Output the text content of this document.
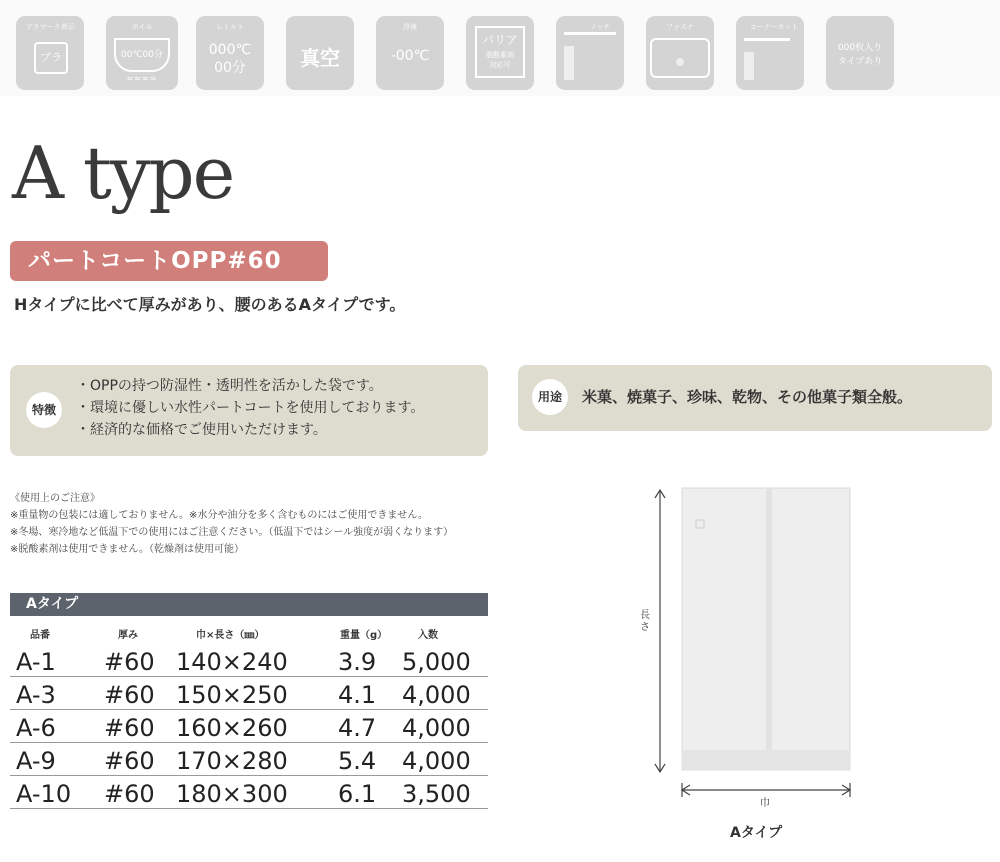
プラマーク表示
プラ
ボイル
00℃00分
≈≈≈≈
レトルト
000℃
00分	真空
冷凍
-00℃
バリア
脱酸素剤
対応可
ノッチ	ファスナ	コーナーカット
000枚入り
タイプあり
A type
パートコートOPP#60
Hタイプに比べて厚みがあり、腰のあるAタイプです。
特徴
・OPPの持つ防湿性・透明性を活かした袋です。
・環境に優しい水性パートコートを使用しております。
・経済的な価格でご使用いただけます。
用途	米菓、焼菓子、珍味、乾物、その他菓子類全般。
《使用上のご注意》
※重量物の包装には適しておりません。※水分や油分を多く含むものにはご使用できません。
※冬場、寒冷地など低温下での使用にはご注意ください。（低温下ではシール強度が弱くなります）
※脱酸素剤は使用できません。（乾燥剤は使用可能）
Aタイプ
品番	厚み	巾×長さ（㎜）	重量（g）	入数
A-1 #60 140×240 3.9 5,000
A-3 #60 150×250 4.1 4,000
A-6 #60 160×260 4.7 4,000
A-9 #60 170×280 5.4 4,000
A-10 #60 180×300 6.1 3,500
長さ
巾
Aタイプ
